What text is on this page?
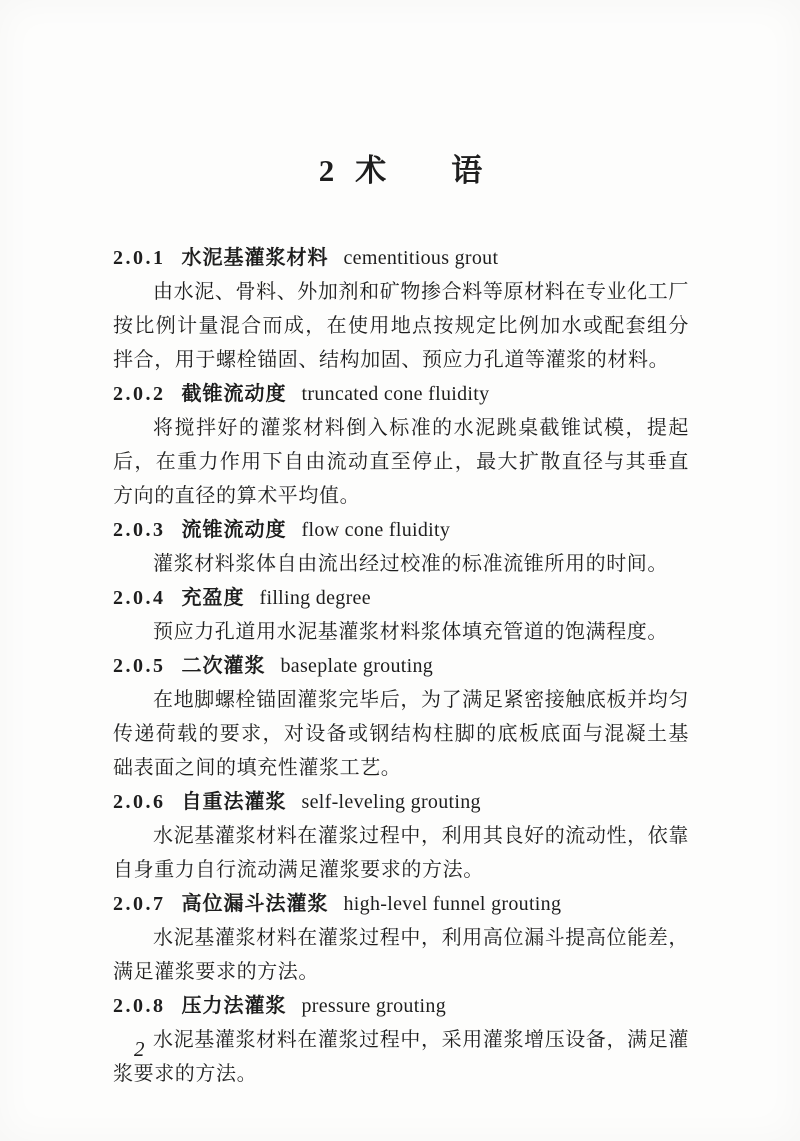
2 术　　语
2.0.1 水泥基灌浆材料 cementitious grout

由水泥、骨料、外加剂和矿物掺合料等原材料在专业化工厂按比例计量混合而成，在使用地点按规定比例加水或配套组分拌合，用于螺栓锚固、结构加固、预应力孔道等灌浆的材料。

2.0.2 截锥流动度 truncated cone fluidity

将搅拌好的灌浆材料倒入标准的水泥跳桌截锥试模，提起后，在重力作用下自由流动直至停止，最大扩散直径与其垂直方向的直径的算术平均值。

2.0.3 流锥流动度 flow cone fluidity

灌浆材料浆体自由流出经过校准的标准流锥所用的时间。

2.0.4 充盈度 filling degree

预应力孔道用水泥基灌浆材料浆体填充管道的饱满程度。

2.0.5 二次灌浆 baseplate grouting

在地脚螺栓锚固灌浆完毕后，为了满足紧密接触底板并均匀传递荷载的要求，对设备或钢结构柱脚的底板底面与混凝土基础表面之间的填充性灌浆工艺。

2.0.6 自重法灌浆 self-leveling grouting

水泥基灌浆材料在灌浆过程中，利用其良好的流动性，依靠自身重力自行流动满足灌浆要求的方法。

2.0.7 高位漏斗法灌浆 high-level funnel grouting

水泥基灌浆材料在灌浆过程中，利用高位漏斗提高位能差，满足灌浆要求的方法。

2.0.8 压力法灌浆 pressure grouting

水泥基灌浆材料在灌浆过程中，采用灌浆增压设备，满足灌浆要求的方法。

2
